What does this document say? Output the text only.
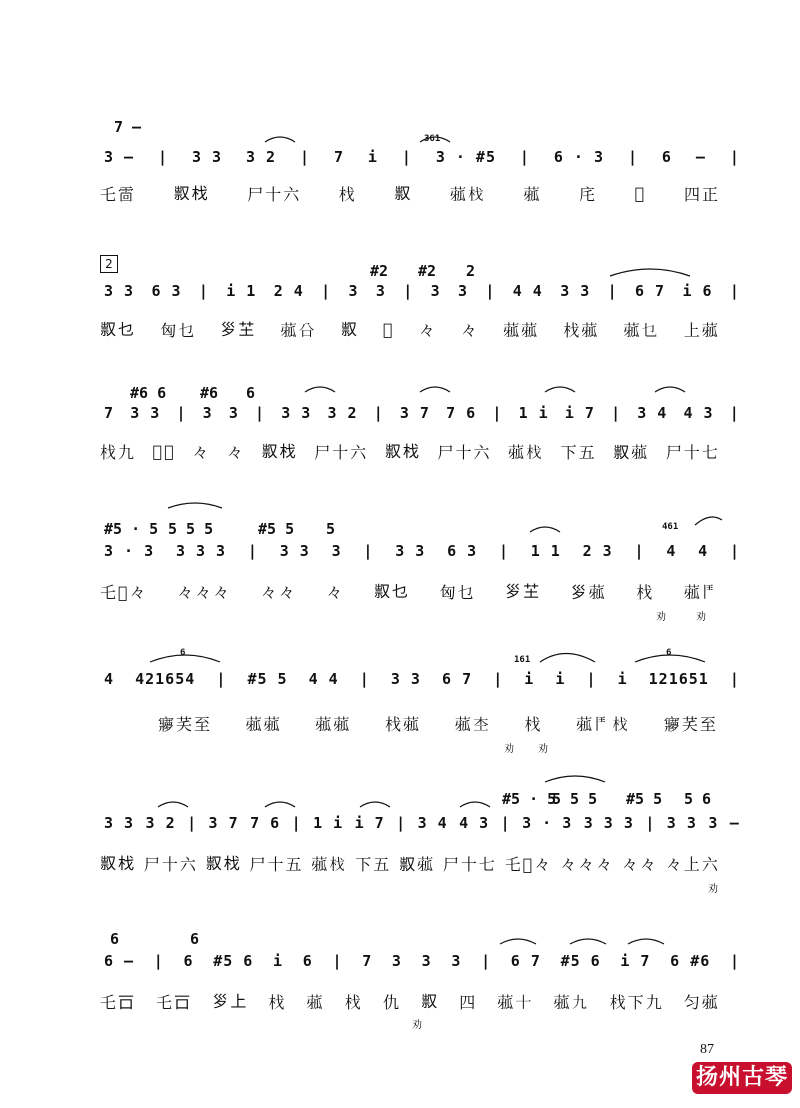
2
7 —
3 — | 3 3 3 2 | 7 i | 3 · #5 | 6 · 3 | 6 — |
乇䨓 𠭥𣏾 尸十六 𣏾 𠭥 𦴉𣏾 𦴉 㡯 𢀳 四正
361
#2 #2 2
3 3 6 3 | i 1 2 4 | 3 3 | 3 3 | 4 4 3 3 | 6 7 i 6 |
𠭥乜 匈乜 𡿪芏 𦴉㕣 𠭥 𡋁 々 々 𦴉𦴉 𣏾𦴉 𦴉乜 上𦴉
#6 6 #6 6
7 3 3 | 3 3 | 3 3 3 2 | 3 7 7 6 | 1 i i 7 | 3 4 4 3 |
𣏾九 𡋁々 々 々 𠭥𣏾 尸十六 𠭥𣏾 尸十六 𦴉𣏾 下五 𠭥𦴉 尸十七
#5 · 5 5 5 5	#5 5 5	461
3 · 3 3 3 3 | 3 3 3 | 3 3 6 3 | 1 1 2 3 | 4 4 |
乇𡋁々 々々々 々々 々 𠭥乜 匈乜 𡿪芏 𡿪𦴉 𣏾 𦴉𩰋
劝	劝
6
161
6
4 421654 | #5 5 4 4 | 3 3 6 7 | i i | i 121651 |
㝱芺至 𦴉𦴉 𦴉𦴉 𣏾𦴉 𦴉杢 𣏾 𦴉𩰋𣏾 㝱芺至
劝 劝
#5 · 5
5 5 5 #5 5 5 6
3 3 3 2 | 3 7 7 6 | 1 i i 7 | 3 4 4 3 | 3 · 3 3 3 3 | 3 3 3 —
𠭥𣏾 尸十六 𠭥𣏾 尸十五 𦴉𣏾 下五 𠭥𦴉 尸十七 乇𡋁々 々々々 々々 々上六
劝
6	6
6 — | 6 #5 6 i 6 | 7 3 3 3 | 6 7 #5 6 i 7 6 #6 |
乇𠮛 乇𠮛 𡿪上 𣏾 𦴉 𣏾 仇 𠭥 四 𦴉十 𦴉九 𣏾下九 匀𦴉
劝
87
扬州古琴
